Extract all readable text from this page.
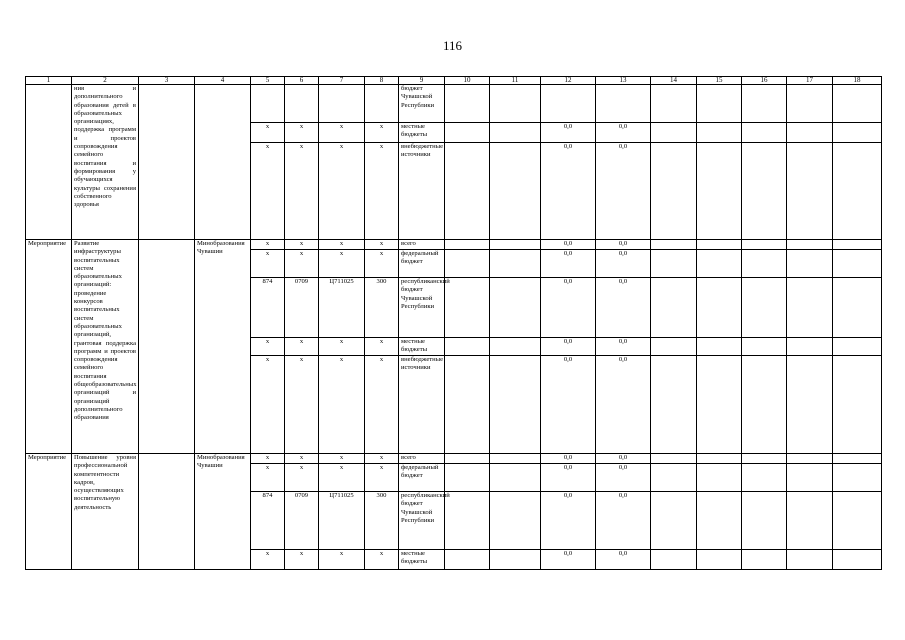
116
1	2	3	4	5	6	7	8	9	10	11	12	13	14	15	16	17	18
	ния и дополнительного образования детей в образовательных организациях, поддержка программ и проектов сопровождения семейного воспитания и формирования у обучающихся культуры сохранения собственного здоровья							бюджет Чувашской Республики									
				x	x	x	x	местные бюджеты			0,0	0,0					
				x	x	x	x	внебюджетные источники			0,0	0,0					
Мероприятие	Развитие инфраструктуры воспитательных систем образовательных организаций: проведение конкурсов воспитательных систем образовательных организаций, грантовая поддержка программ и проектов сопровождения семейного воспитания общеобразовательных организаций и организаций дополнительного образования		Минобразования Чувашии	x	x	x	x	всего			0,0	0,0					
				x	x	x	x	федеральный бюджет			0,0	0,0					
				874	0709	Ц711025	300	республиканский бюджет Чувашской Республики			0,0	0,0					
				x	x	x	x	местные бюджеты			0,0	0,0					
				x	x	x	x	внебюджетные источники			0,0	0,0					
Мероприятие	Повышение уровня профессиональной компетентности кадров, осуществляющих воспитательную деятельность		Минобразования Чувашии	x	x	x	x	всего			0,0	0,0					
				x	x	x	x	федеральный бюджет			0,0	0,0					
				874	0709	Ц711025	300	республиканский бюджет Чувашской Республики			0,0	0,0					
				x	x	x	x	местные бюджеты			0,0	0,0					
